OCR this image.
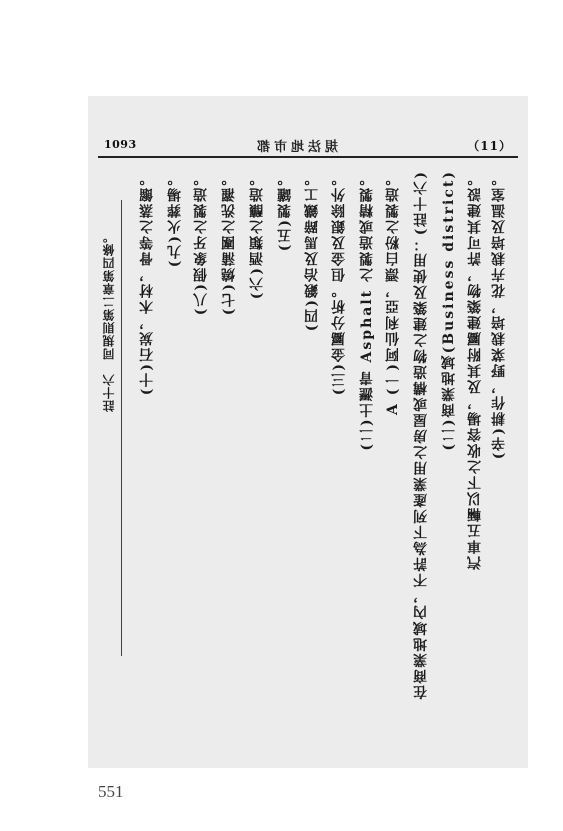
1093	規法地市都	（11）
(辛)耕作，野菜栽培，花卉栽培及温室。
汽車五輛以下之收容場，及其附屬建築物，許可其建設。
(二)商業地域(Business district)
在商業地域內，不許為下列產業用之房屋或構造物之建築及使用：(註十六)
A (一)阿仙利亞，漂白粉之製造。
(二)土瀝青 Asphalt 之製造或精製。
(三)金屬分析。但金及銀除外。
(四)鍛冶及馬蹄鐵工。
(五)製罐。
(六)酒類之釀造。
(七)燒蒲團之洗濯。
(八)假象牙之製造。
(九)火葬場。
(十)石炭，木材，骨等之蒸餾。
註十六　同規則第二章第四條。
551
